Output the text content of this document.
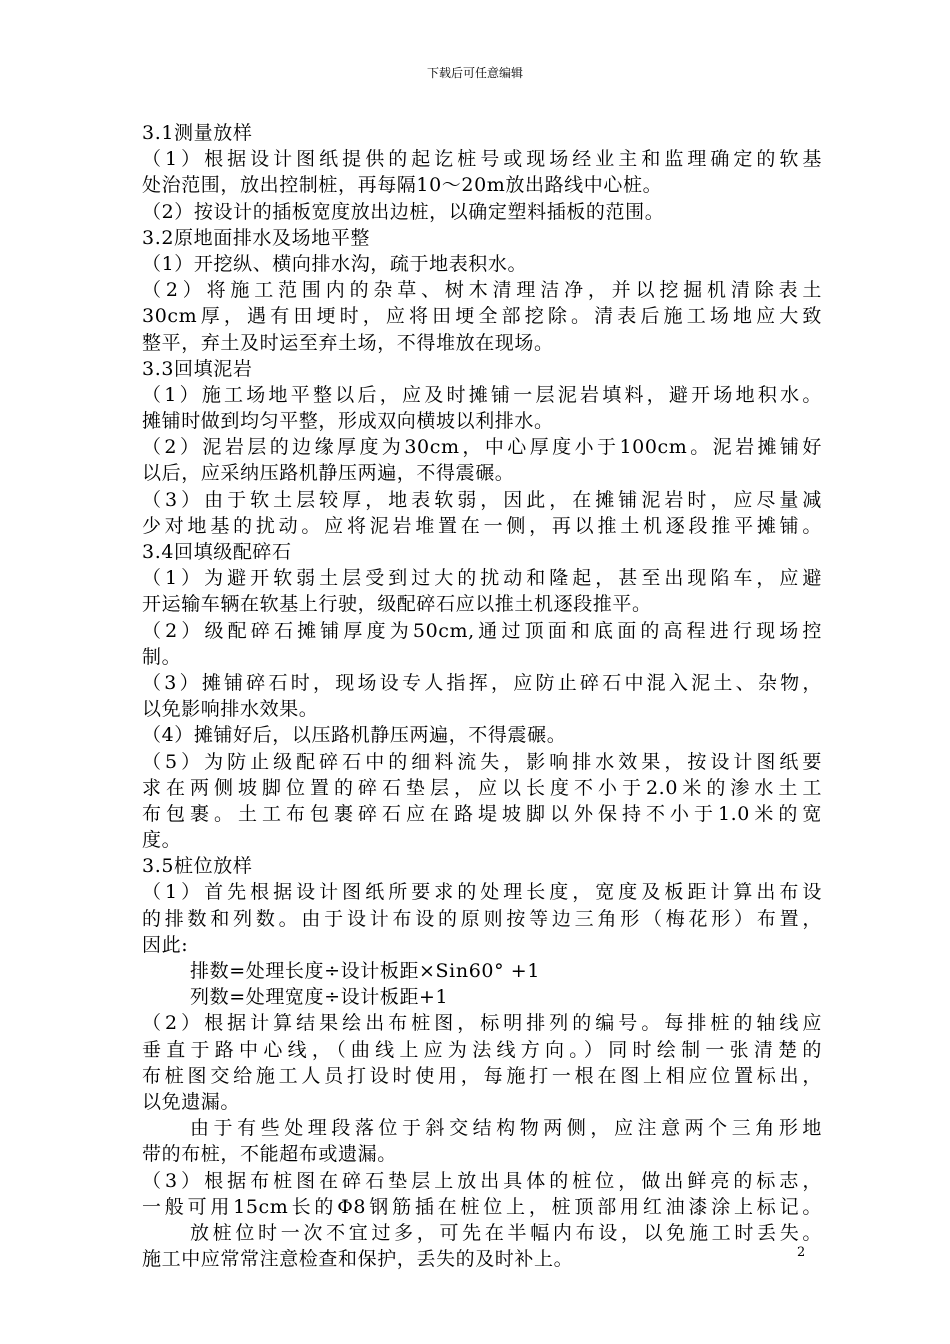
下载后可任意编辑
3.1测量放样
（1）根据设计图纸提供的起讫桩号或现场经业主和监理确定的软基
处治范围，放出控制桩，再每隔10～20m放出路线中心桩。
（2）按设计的插板宽度放出边桩，以确定塑料插板的范围。
3.2原地面排水及场地平整
（1）开挖纵、横向排水沟，疏于地表积水。
（2）将施工范围内的杂草、树木清理洁净，并以挖掘机清除表土
30cm厚，遇有田埂时，应将田埂全部挖除。清表后施工场地应大致
整平，弃土及时运至弃土场，不得堆放在现场。
3.3回填泥岩
（1）施工场地平整以后，应及时摊铺一层泥岩填料，避开场地积水。
摊铺时做到均匀平整，形成双向横坡以利排水。
（2）泥岩层的边缘厚度为30cm，中心厚度小于100cm。泥岩摊铺好
以后，应采纳压路机静压两遍，不得震碾。
（3）由于软土层较厚，地表软弱，因此，在摊铺泥岩时，应尽量减
少对地基的扰动。应将泥岩堆置在一侧，再以推土机逐段推平摊铺。
3.4回填级配碎石
（1）为避开软弱土层受到过大的扰动和隆起，甚至出现陷车，应避
开运输车辆在软基上行驶，级配碎石应以推土机逐段推平。
（2）级配碎石摊铺厚度为50cm,通过顶面和底面的高程进行现场控
制。
（3）摊铺碎石时，现场设专人指挥，应防止碎石中混入泥土、杂物，
以免影响排水效果。
（4）摊铺好后，以压路机静压两遍，不得震碾。
（5）为防止级配碎石中的细料流失，影响排水效果，按设计图纸要
求在两侧坡脚位置的碎石垫层，应以长度不小于2.0米的渗水土工
布包裹。土工布包裹碎石应在路堤坡脚以外保持不小于1.0米的宽
度。
3.5桩位放样
（1）首先根据设计图纸所要求的处理长度，宽度及板距计算出布设
的排数和列数。由于设计布设的原则按等边三角形（梅花形）布置，
因此:
排数=处理长度÷设计板距×Sin60° +1
列数=处理宽度÷设计板距+1
（2）根据计算结果绘出布桩图，标明排列的编号。每排桩的轴线应
垂直于路中心线，（曲线上应为法线方向。）同时绘制一张清楚的
布桩图交给施工人员打设时使用，每施打一根在图上相应位置标出，
以免遗漏。
由于有些处理段落位于斜交结构物两侧，应注意两个三角形地
带的布桩，不能超布或遗漏。
（3）根据布桩图在碎石垫层上放出具体的桩位，做出鲜亮的标志，
一般可用15cm长的Φ8钢筋插在桩位上，桩顶部用红油漆涂上标记。
放桩位时一次不宜过多，可先在半幅内布设，以免施工时丢失。
施工中应常常注意检查和保护，丢失的及时补上。	2
